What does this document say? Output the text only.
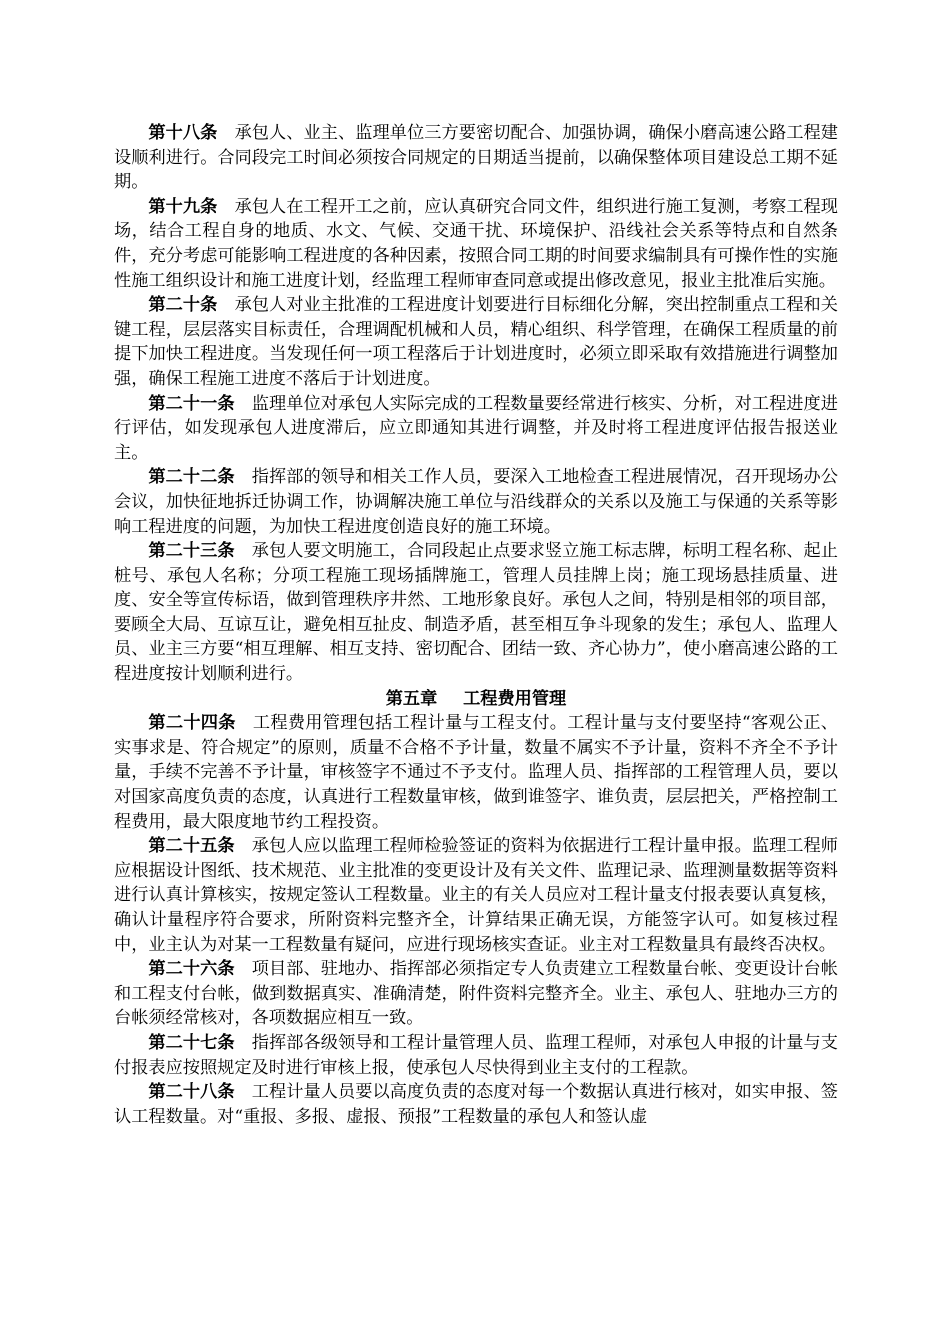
第十八条 承包人、业主、监理单位三方要密切配合、加强协调，确保小磨高速公路工程建设顺利进行。合同段完工时间必须按合同规定的日期适当提前，以确保整体项目建设总工期不延期。

第十九条 承包人在工程开工之前，应认真研究合同文件，组织进行施工复测，考察工程现场，结合工程自身的地质、水文、气候、交通干扰、环境保护、沿线社会关系等特点和自然条件，充分考虑可能影响工程进度的各种因素，按照合同工期的时间要求编制具有可操作性的实施性施工组织设计和施工进度计划，经监理工程师审查同意或提出修改意见，报业主批准后实施。

第二十条 承包人对业主批准的工程进度计划要进行目标细化分解，突出控制重点工程和关键工程，层层落实目标责任，合理调配机械和人员，精心组织、科学管理，在确保工程质量的前提下加快工程进度。当发现任何一项工程落后于计划进度时，必须立即采取有效措施进行调整加强，确保工程施工进度不落后于计划进度。

第二十一条 监理单位对承包人实际完成的工程数量要经常进行核实、分析，对工程进度进行评估，如发现承包人进度滞后，应立即通知其进行调整，并及时将工程进度评估报告报送业主。

第二十二条 指挥部的领导和相关工作人员，要深入工地检查工程进展情况，召开现场办公会议，加快征地拆迁协调工作，协调解决施工单位与沿线群众的关系以及施工与保通的关系等影响工程进度的问题，为加快工程进度创造良好的施工环境。

第二十三条 承包人要文明施工，合同段起止点要求竖立施工标志牌，标明工程名称、起止桩号、承包人名称；分项工程施工现场插牌施工，管理人员挂牌上岗；施工现场悬挂质量、进度、安全等宣传标语，做到管理秩序井然、工地形象良好。承包人之间，特别是相邻的项目部，要顾全大局、互谅互让，避免相互扯皮、制造矛盾，甚至相互争斗现象的发生；承包人、监理人员、业主三方要“相互理解、相互支持、密切配合、团结一致、齐心协力”，使小磨高速公路的工程进度按计划顺利进行。

第五章 工程费用管理

第二十四条 工程费用管理包括工程计量与工程支付。工程计量与支付要坚持“客观公正、实事求是、符合规定”的原则，质量不合格不予计量，数量不属实不予计量，资料不齐全不予计量，手续不完善不予计量，审核签字不通过不予支付。监理人员、指挥部的工程管理人员，要以对国家高度负责的态度，认真进行工程数量审核，做到谁签字、谁负责，层层把关，严格控制工程费用，最大限度地节约工程投资。

第二十五条 承包人应以监理工程师检验签证的资料为依据进行工程计量申报。监理工程师应根据设计图纸、技术规范、业主批准的变更设计及有关文件、监理记录、监理测量数据等资料进行认真计算核实，按规定签认工程数量。业主的有关人员应对工程计量支付报表要认真复核，确认计量程序符合要求，所附资料完整齐全，计算结果正确无误，方能签字认可。如复核过程中，业主认为对某一工程数量有疑问，应进行现场核实查证。业主对工程数量具有最终否决权。

第二十六条 项目部、驻地办、指挥部必须指定专人负责建立工程数量台帐、变更设计台帐和工程支付台帐，做到数据真实、准确清楚，附件资料完整齐全。业主、承包人、驻地办三方的台帐须经常核对，各项数据应相互一致。

第二十七条 指挥部各级领导和工程计量管理人员、监理工程师，对承包人申报的计量与支付报表应按照规定及时进行审核上报，使承包人尽快得到业主支付的工程款。

第二十八条 工程计量人员要以高度负责的态度对每一个数据认真进行核对，如实申报、签认工程数量。对“重报、多报、虚报、预报”工程数量的承包人和签认虚
